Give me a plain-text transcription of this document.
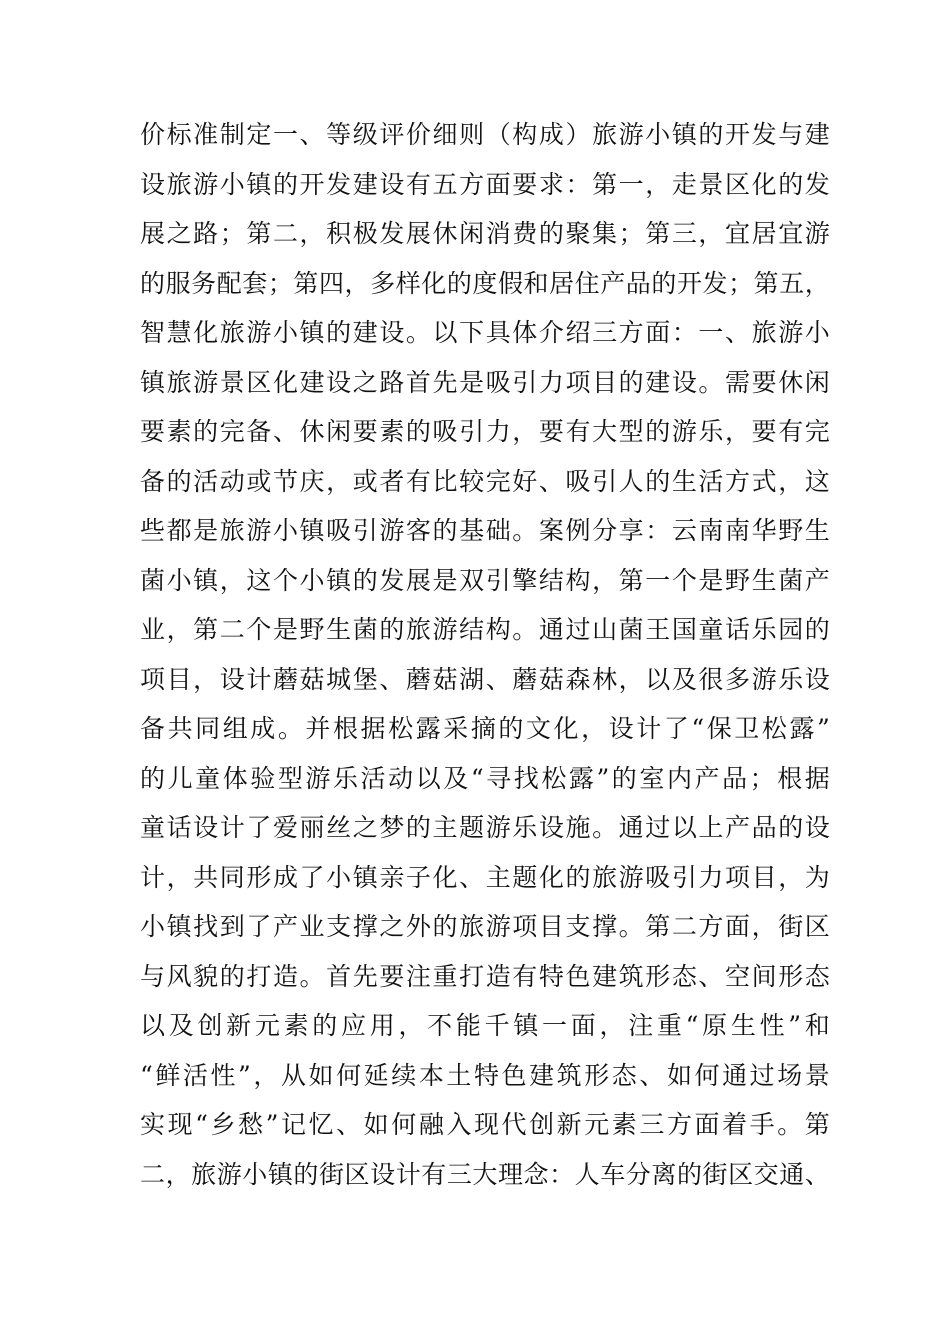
价标准制定一、等级评价细则（构成）旅游小镇的开发与建
设旅游小镇的开发建设有五方面要求：第一，走景区化的发
展之路；第二，积极发展休闲消费的聚集；第三，宜居宜游
的服务配套；第四，多样化的度假和居住产品的开发；第五，
智慧化旅游小镇的建设。以下具体介绍三方面：一、旅游小
镇旅游景区化建设之路首先是吸引力项目的建设。需要休闲
要素的完备、休闲要素的吸引力，要有大型的游乐，要有完
备的活动或节庆，或者有比较完好、吸引人的生活方式，这
些都是旅游小镇吸引游客的基础。案例分享：云南南华野生
菌小镇，这个小镇的发展是双引擎结构，第一个是野生菌产
业，第二个是野生菌的旅游结构。通过山菌王国童话乐园的
项目，设计蘑菇城堡、蘑菇湖、蘑菇森林，以及很多游乐设
备共同组成。并根据松露采摘的文化，设计了“保卫松露”
的儿童体验型游乐活动以及“寻找松露”的室内产品；根据
童话设计了爱丽丝之梦的主题游乐设施。通过以上产品的设
计，共同形成了小镇亲子化、主题化的旅游吸引力项目，为
小镇找到了产业支撑之外的旅游项目支撑。第二方面，街区
与风貌的打造。首先要注重打造有特色建筑形态、空间形态
以及创新元素的应用，不能千镇一面，注重“原生性”和
“鲜活性”，从如何延续本土特色建筑形态、如何通过场景
实现“乡愁”记忆、如何融入现代创新元素三方面着手。第
二，旅游小镇的街区设计有三大理念：人车分离的街区交通、
